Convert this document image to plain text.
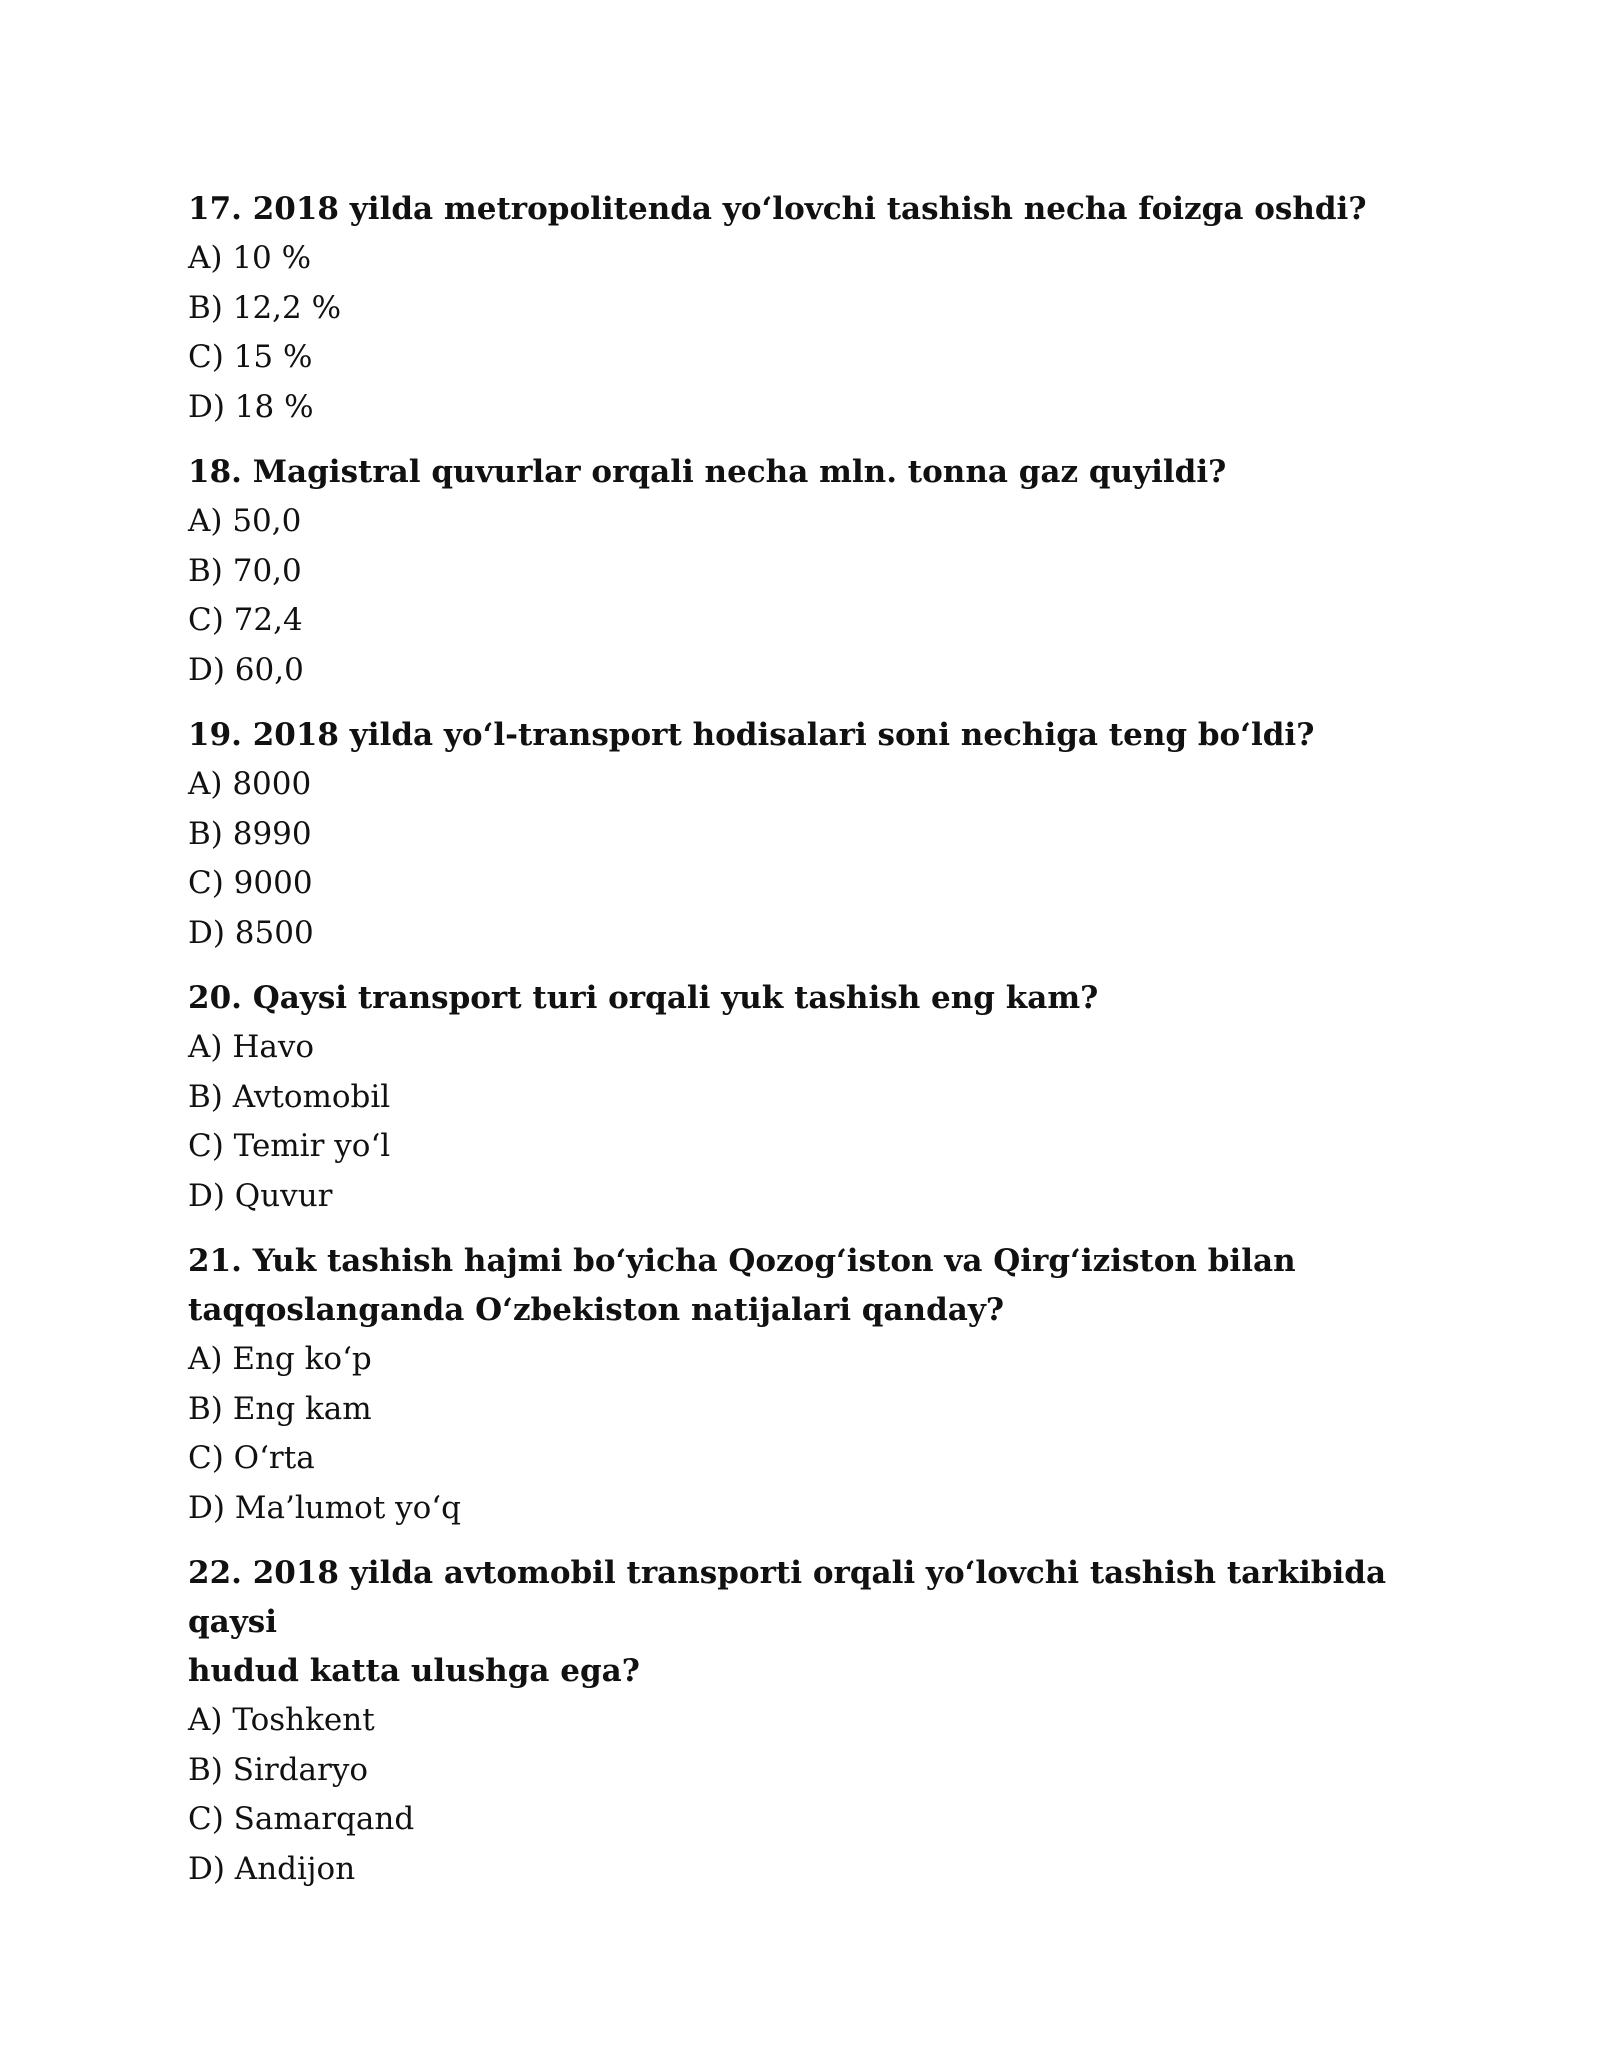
17. 2018 yilda metropolitenda yo‘lovchi tashish necha foizga oshdi?

A) 10 %

B) 12,2 %

C) 15 %

D) 18 %

18. Magistral quvurlar orqali necha mln. tonna gaz quyildi?

A) 50,0

B) 70,0

C) 72,4

D) 60,0

19. 2018 yilda yo‘l-transport hodisalari soni nechiga teng bo‘ldi?

A) 8000

B) 8990

C) 9000

D) 8500

20. Qaysi transport turi orqali yuk tashish eng kam?

A) Havo

B) Avtomobil

C) Temir yo‘l

D) Quvur

21. Yuk tashish hajmi bo‘yicha Qozog‘iston va Qirg‘iziston bilan

taqqoslanganda O‘zbekiston natijalari qanday?

A) Eng ko‘p

B) Eng kam

C) O‘rta

D) Ma’lumot yo‘q

22. 2018 yilda avtomobil transporti orqali yo‘lovchi tashish tarkibida qaysi

hudud katta ulushga ega?

A) Toshkent

B) Sirdaryo

C) Samarqand

D) Andijon
